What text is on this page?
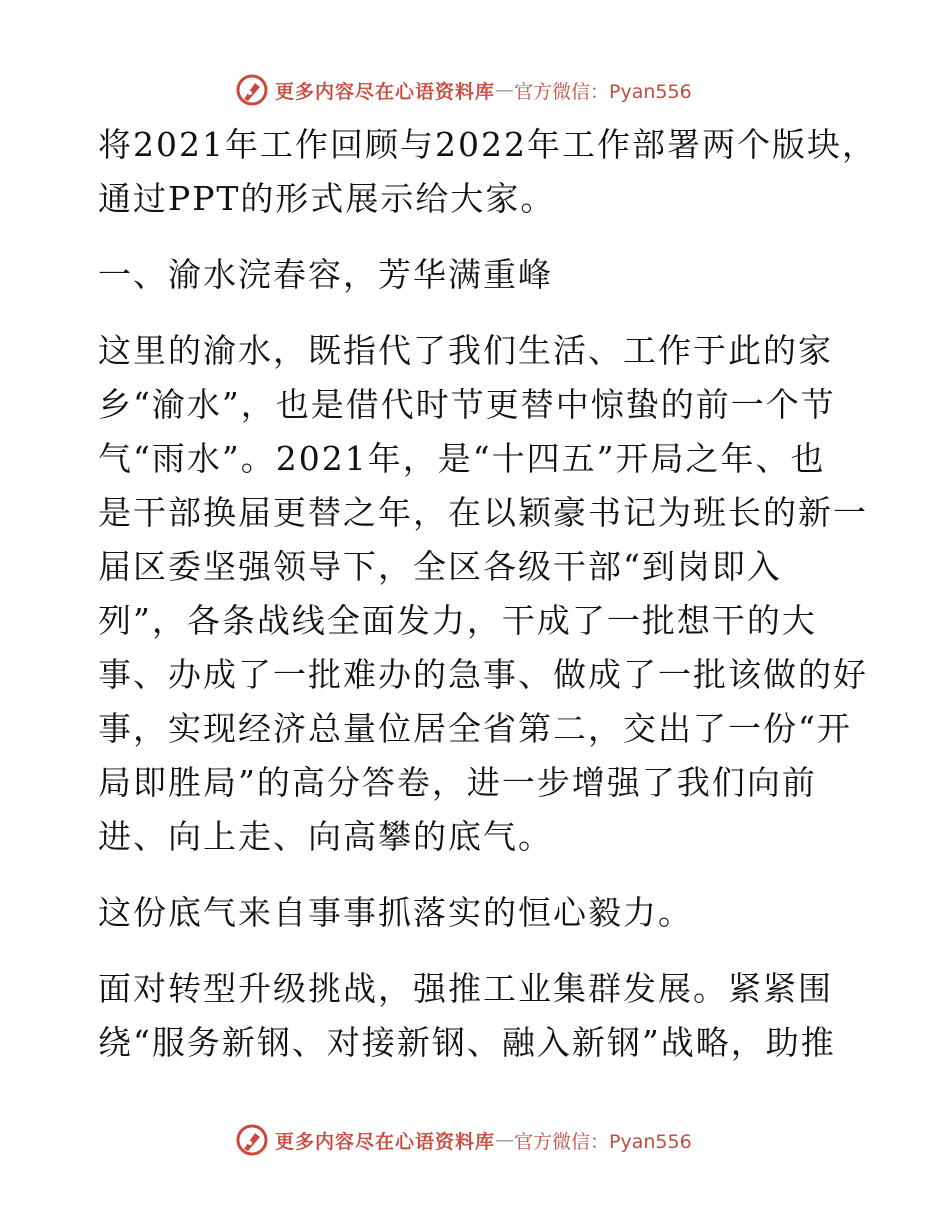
更多内容尽在心语资料库 — 官方微信：Pyan556
将2021年工作回顾与2022年工作部署两个版块，
通过PPT的形式展示给大家。
一、渝水浣春容，芳华满重峰
这里的渝水，既指代了我们生活、工作于此的家
乡“渝水”，也是借代时节更替中惊蛰的前一个节
气“雨水”。2021年，是“十四五”开局之年、也
是干部换届更替之年，在以颖豪书记为班长的新一
届区委坚强领导下，全区各级干部“到岗即入
列”，各条战线全面发力，干成了一批想干的大
事、办成了一批难办的急事、做成了一批该做的好
事，实现经济总量位居全省第二，交出了一份“开
局即胜局”的高分答卷，进一步增强了我们向前
进、向上走、向高攀的底气。
这份底气来自事事抓落实的恒心毅力。
面对转型升级挑战，强推工业集群发展。紧紧围
绕“服务新钢、对接新钢、融入新钢”战略，助推
更多内容尽在心语资料库 — 官方微信：Pyan556
